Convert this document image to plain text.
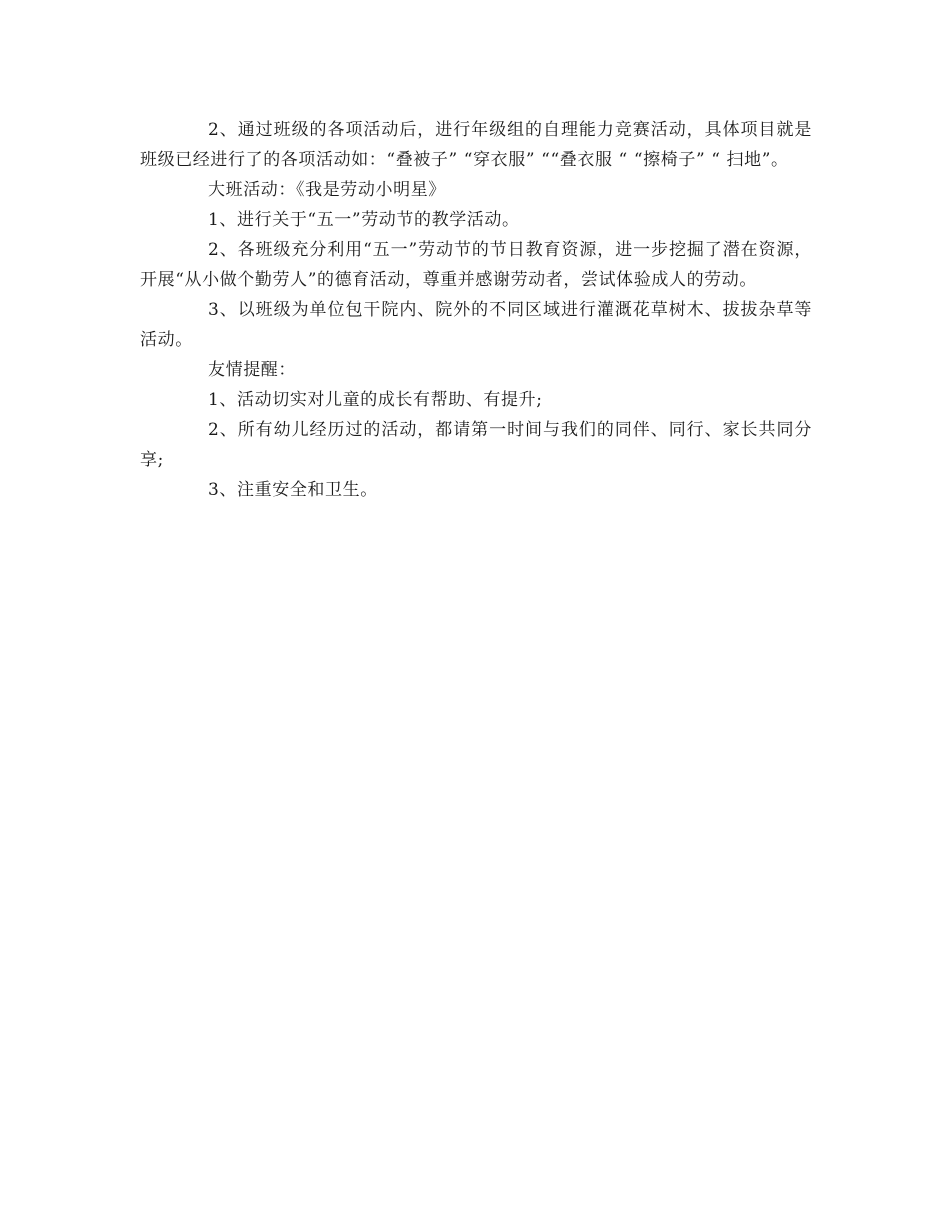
2、通过班级的各项活动后，进行年级组的自理能力竞赛活动，具体项目就是班级已经进行了的各项活动如：“叠被子” “穿衣服” ““叠衣服 “ “擦椅子” “ 扫地”。

大班活动：《我是劳动小明星》

1、进行关于“五一”劳动节的教学活动。

2、各班级充分利用“五一”劳动节的节日教育资源，进一步挖掘了潜在资源，开展“从小做个勤劳人”的德育活动，尊重并感谢劳动者，尝试体验成人的劳动。

3、以班级为单位包干院内、院外的不同区域进行灌溉花草树木、拔拔杂草等活动。

友情提醒：

1、活动切实对儿童的成长有帮助、有提升;

2、所有幼儿经历过的活动，都请第一时间与我们的同伴、同行、家长共同分享;

3、注重安全和卫生。
